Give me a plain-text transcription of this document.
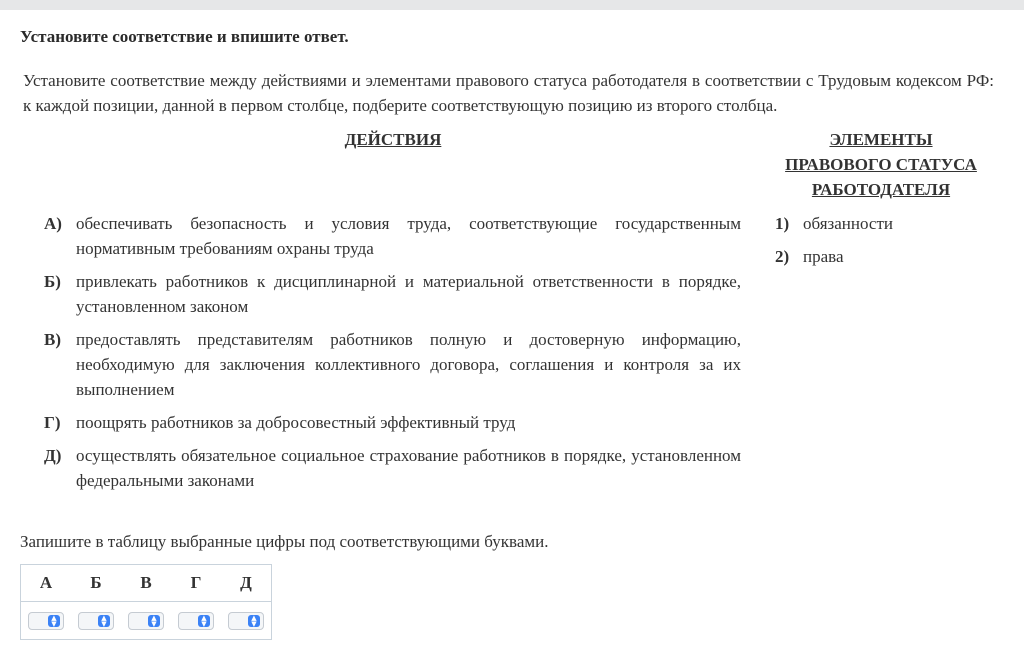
Установите соответствие и впишите ответ.
Установите соответствие между действиями и элементами правового статуса работодателя в соответствии с Трудовым кодексом РФ: к каждой позиции, данной в первом столбце, подберите соответствующую позицию из второго столбца.
ДЕЙСТВИЯ	ЭЛЕМЕНТЫ
ПРАВОВОГО СТАТУСА
РАБОТОДАТЕЛЯ
А) обеспечивать безопасность и условия труда, соответствующие государственным нормативным требованиям охраны труда
Б) привлекать работников к дисциплинарной и материальной ответственности в порядке, установленном законом
В) предоставлять представителям работников полную и достоверную информацию, необходимую для заключения коллективного договора, соглашения и контроля за их выполнением
Г) поощрять работников за добросовестный эффективный труд
Д) осуществлять обязательное социальное страхование работников в порядке, установленном федеральными законами
1) обязанности
2) права
Запишите в таблицу выбранные цифры под соответствующими буквами.
А	Б	В	Г	Д

▲
▼	▲
▼	▲
▼	▲
▼	▲
▼
